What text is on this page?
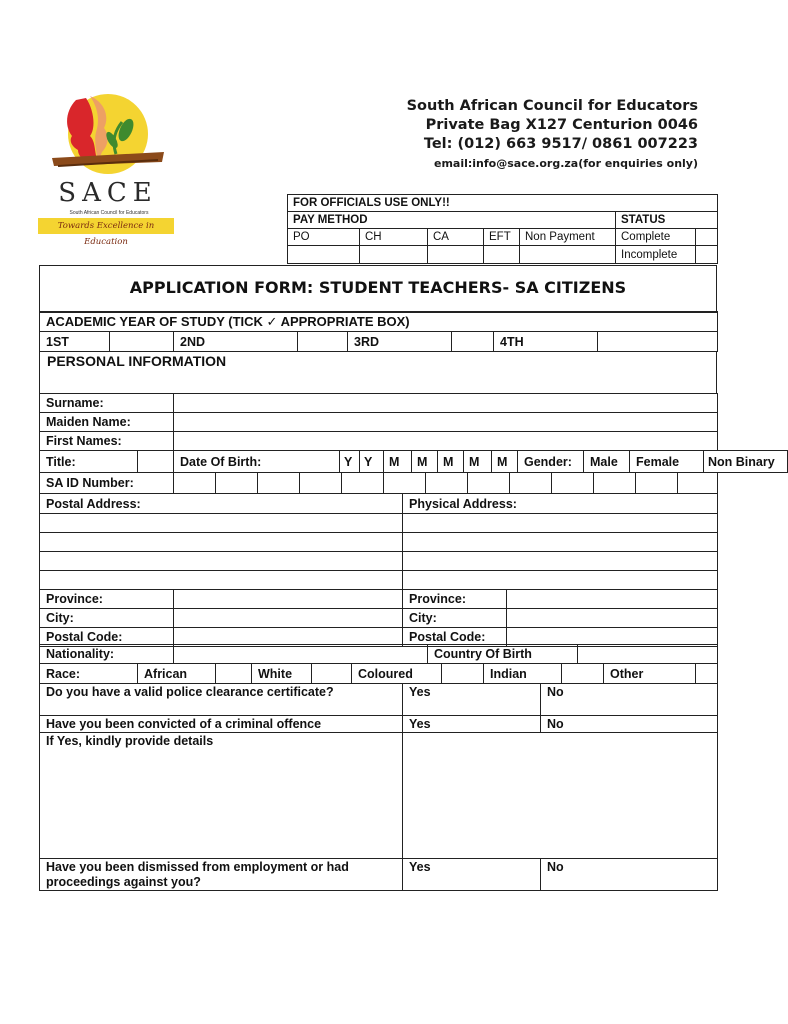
SACE
South African Council for Educators
Towards Excellence in Education
South African Council for Educators
Private Bag X127 Centurion 0046
Tel: (012) 663 9517/ 0861 007223
email:info@sace.org.za(for enquiries only)
FOR OFFICIALS USE ONLY!!						
PAY METHOD					STATUS	
PO	CH	CA	EFT	Non Payment	Complete	
					Incomplete	
APPLICATION FORM: STUDENT TEACHERS- SA CITIZENS
ACADEMIC YEAR OF STUDY (TICK ✓ APPROPRIATE BOX)
1ST		2ND		3RD		4TH	
PERSONAL INFORMATION
Surname:	
Maiden Name:	
First Names:	
Title:		Date Of Birth:	Y	Y	M	M	M	M	M	Gender:	Male	Female	Non Binary
SA ID Number:													
Postal Address:		Physical Address:	

Province:		Province:	
City:		City:	
Postal Code:		Postal Code:	
Nationality:		Country Of Birth	
Race:	African		White		Coloured		Indian		Other	
Do you have a valid police clearance certificate?	Yes	No
Have you been convicted of a criminal offence	Yes	No
If Yes, kindly provide details		

Have you been dismissed from employment or had
proceedings against you?	Yes	No
